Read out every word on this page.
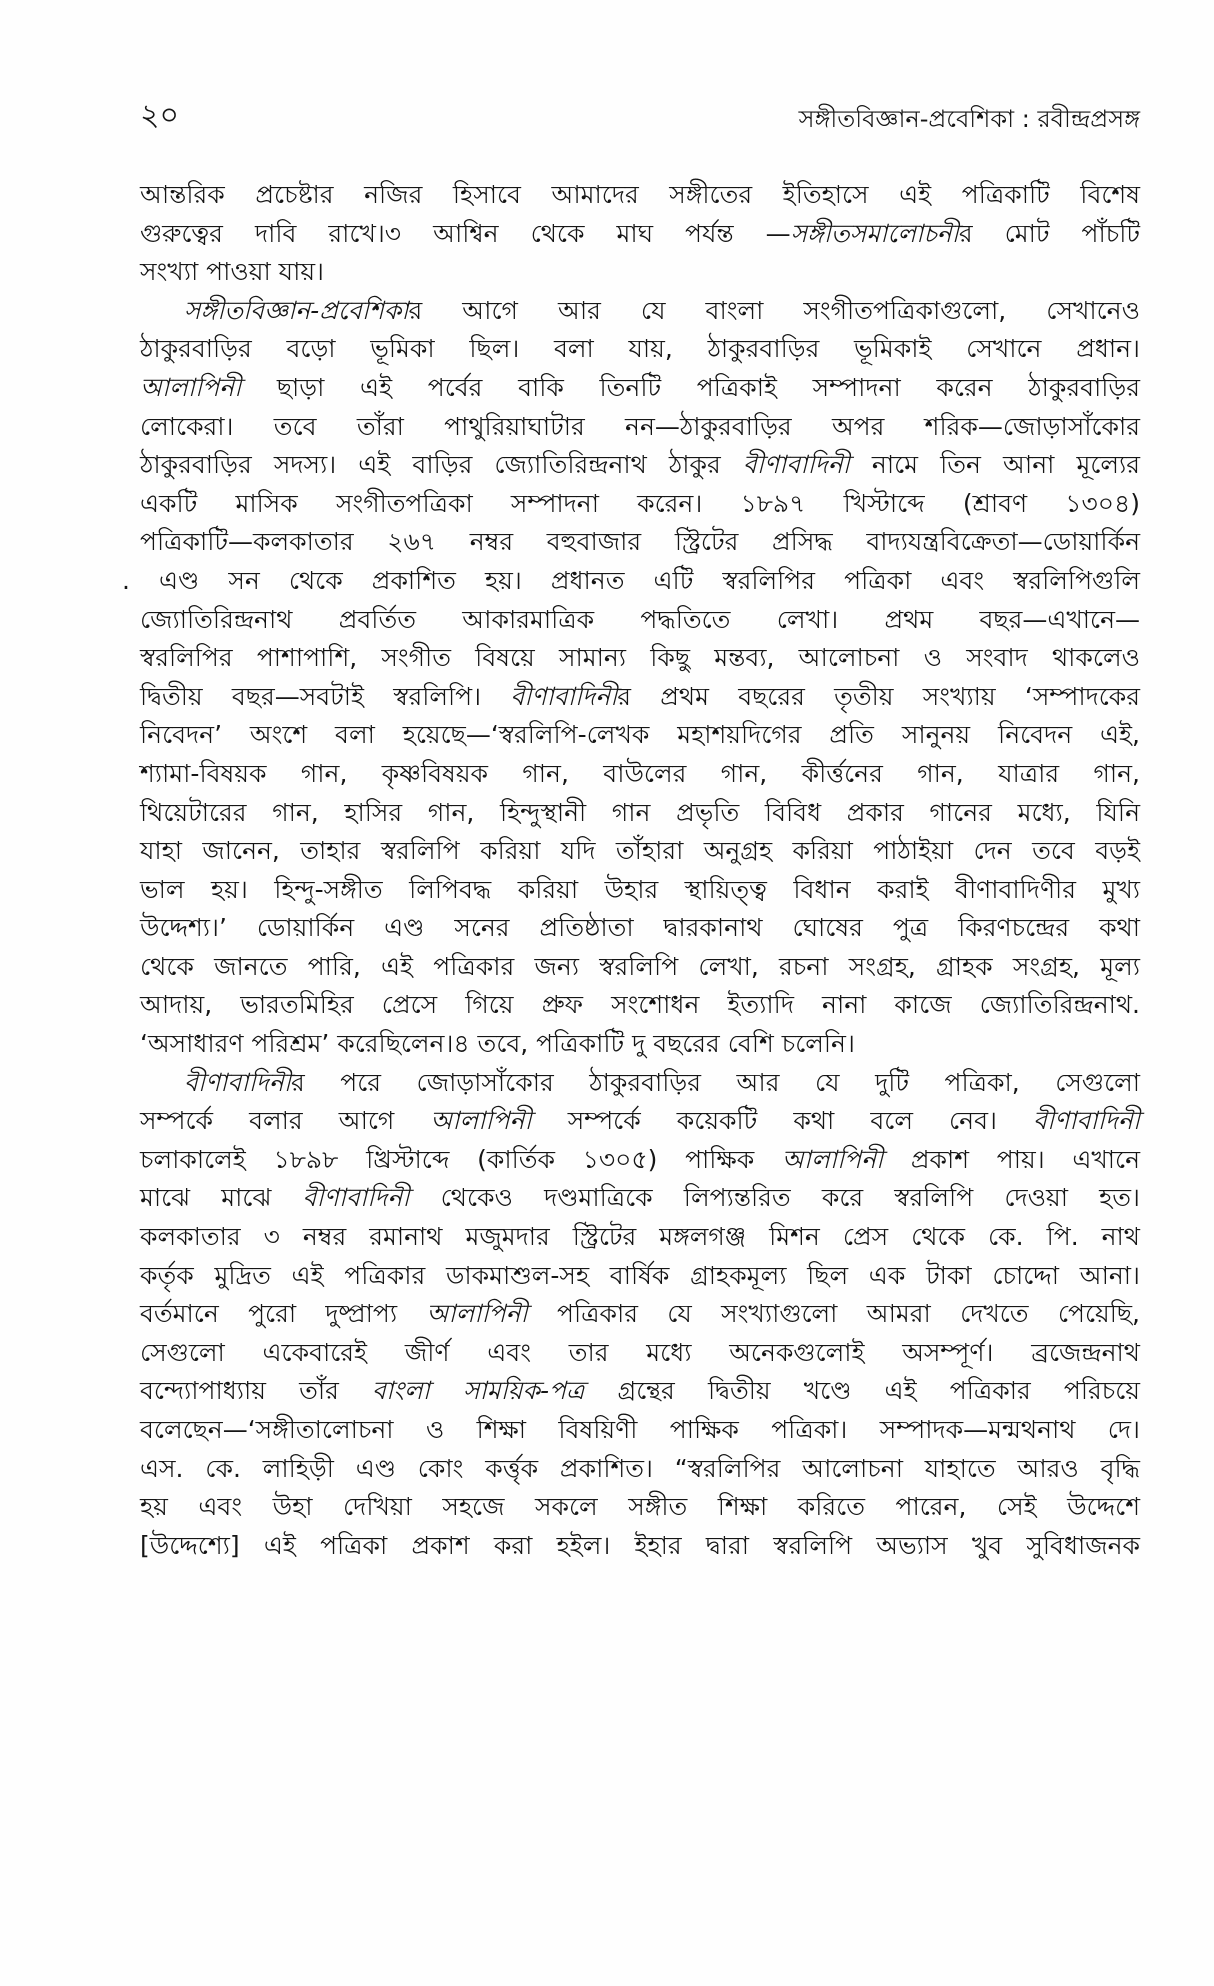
২০	সঙ্গীতবিজ্ঞান-প্রবেশিকা : রবীন্দ্রপ্রসঙ্গ
আন্তরিক প্রচেষ্টার নজির হিসাবে আমাদের সঙ্গীতের ইতিহাসে এই পত্রিকাটি বিশেষ
গুরুত্বের দাবি রাখে।৩ আশ্বিন থেকে মাঘ পর্যন্ত —সঙ্গীতসমালোচনীর মোট পাঁচটি
সংখ্যা পাওয়া যায়।
সঙ্গীতবিজ্ঞান-প্রবেশিকার আগে আর যে বাংলা সংগীতপত্রিকাগুলো, সেখানেও
ঠাকুরবাড়ির বড়ো ভূমিকা ছিল। বলা যায়, ঠাকুরবাড়ির ভূমিকাই সেখানে প্রধান।
আলাপিনী ছাড়া এই পর্বের বাকি তিনটি পত্রিকাই সম্পাদনা করেন ঠাকুরবাড়ির
লোকেরা। তবে তাঁরা পাথুরিয়াঘাটার নন—ঠাকুরবাড়ির অপর শরিক—জোড়াসাঁকোর
ঠাকুরবাড়ির সদস্য। এই বাড়ির জ্যোতিরিন্দ্রনাথ ঠাকুর বীণাবাদিনী নামে তিন আনা মূল্যের
একটি মাসিক সংগীতপত্রিকা সম্পাদনা করেন। ১৮৯৭ খিস্টাব্দে (শ্রাবণ ১৩০৪)
পত্রিকাটি—কলকাতার ২৬৭ নম্বর বহুবাজার স্ট্রিটের প্রসিদ্ধ বাদ্যযন্ত্রবিক্রেতা—ডোয়ার্কিন
. এণ্ড সন থেকে প্রকাশিত হয়। প্রধানত এটি স্বরলিপির পত্রিকা এবং স্বরলিপিগুলি
জ্যোতিরিন্দ্রনাথ প্রবর্তিত আকারমাত্রিক পদ্ধতিতে লেখা। প্রথম বছর—এখানে—
স্বরলিপির পাশাপাশি, সংগীত বিষয়ে সামান্য কিছু মন্তব্য, আলোচনা ও সংবাদ থাকলেও
দ্বিতীয় বছর—সবটাই স্বরলিপি। বীণাবাদিনীর প্রথম বছরের তৃতীয় সংখ্যায় ‘সম্পাদকের
নিবেদন’ অংশে বলা হয়েছে—‘স্বরলিপি-লেখক মহাশয়দিগের প্রতি সানুনয় নিবেদন এই,
শ্যামা-বিষয়ক গান, কৃষ্ণবিষয়ক গান, বাউলের গান, কীর্ত্তনের গান, যাত্রার গান,
থিয়েটারের গান, হাসির গান, হিন্দুস্থানী গান প্রভৃতি বিবিধ প্রকার গানের মধ্যে, যিনি
যাহা জানেন, তাহার স্বরলিপি করিয়া যদি তাঁহারা অনুগ্রহ করিয়া পাঠাইয়া দেন তবে বড়ই
ভাল হয়। হিন্দু-সঙ্গীত লিপিবদ্ধ করিয়া উহার স্থায়িত্ত্ব বিধান করাই বীণাবাদিণীর মুখ্য
উদ্দেশ্য।’ ডোয়ার্কিন এণ্ড সনের প্রতিষ্ঠাতা দ্বারকানাথ ঘোষের পুত্র কিরণচন্দ্রের কথা
থেকে জানতে পারি, এই পত্রিকার জন্য স্বরলিপি লেখা, রচনা সংগ্রহ, গ্রাহক সংগ্রহ, মূল্য
আদায়, ভারতমিহির প্রেসে গিয়ে প্রুফ সংশোধন ইত্যাদি নানা কাজে জ্যোতিরিন্দ্রনাথ.
‘অসাধারণ পরিশ্রম’ করেছিলেন।৪ তবে, পত্রিকাটি দু বছরের বেশি চলেনি।
বীণাবাদিনীর পরে জোড়াসাঁকোর ঠাকুরবাড়ির আর যে দুটি পত্রিকা, সেগুলো
সম্পর্কে বলার আগে আলাপিনী সম্পর্কে কয়েকটি কথা বলে নেব। বীণাবাদিনী
চলাকালেই ১৮৯৮ খ্রিস্টাব্দে (কার্তিক ১৩০৫) পাক্ষিক আলাপিনী প্রকাশ পায়। এখানে
মাঝে মাঝে বীণাবাদিনী থেকেও দণ্ডমাত্রিকে লিপ্যন্তরিত করে স্বরলিপি দেওয়া হত।
কলকাতার ৩ নম্বর রমানাথ মজুমদার স্ট্রিটের মঙ্গলগঞ্জ মিশন প্রেস থেকে কে. পি. নাথ
কর্তৃক মুদ্রিত এই পত্রিকার ডাকমাশুল-সহ বার্ষিক গ্রাহকমূল্য ছিল এক টাকা চোদ্দো আনা।
বর্তমানে পুরো দুষ্প্রাপ্য আলাপিনী পত্রিকার যে সংখ্যাগুলো আমরা দেখতে পেয়েছি,
সেগুলো একেবারেই জীর্ণ এবং তার মধ্যে অনেকগুলোই অসম্পূর্ণ। ব্রজেন্দ্রনাথ
বন্দ্যোপাধ্যায় তাঁর বাংলা সাময়িক-পত্র গ্রন্থের দ্বিতীয় খণ্ডে এই পত্রিকার পরিচয়ে
বলেছেন—‘সঙ্গীতালোচনা ও শিক্ষা বিষয়িণী পাক্ষিক পত্রিকা। সম্পাদক—মন্মথনাথ দে।
এস. কে. লাহিড়ী এণ্ড কোং কর্ত্তৃক প্রকাশিত। “স্বরলিপির আলোচনা যাহাতে আরও বৃদ্ধি
হয় এবং উহা দেখিয়া সহজে সকলে সঙ্গীত শিক্ষা করিতে পারেন, সেই উদ্দেশে
[উদ্দেশ্যে] এই পত্রিকা প্রকাশ করা হইল। ইহার দ্বারা স্বরলিপি অভ্যাস খুব সুবিধাজনক
